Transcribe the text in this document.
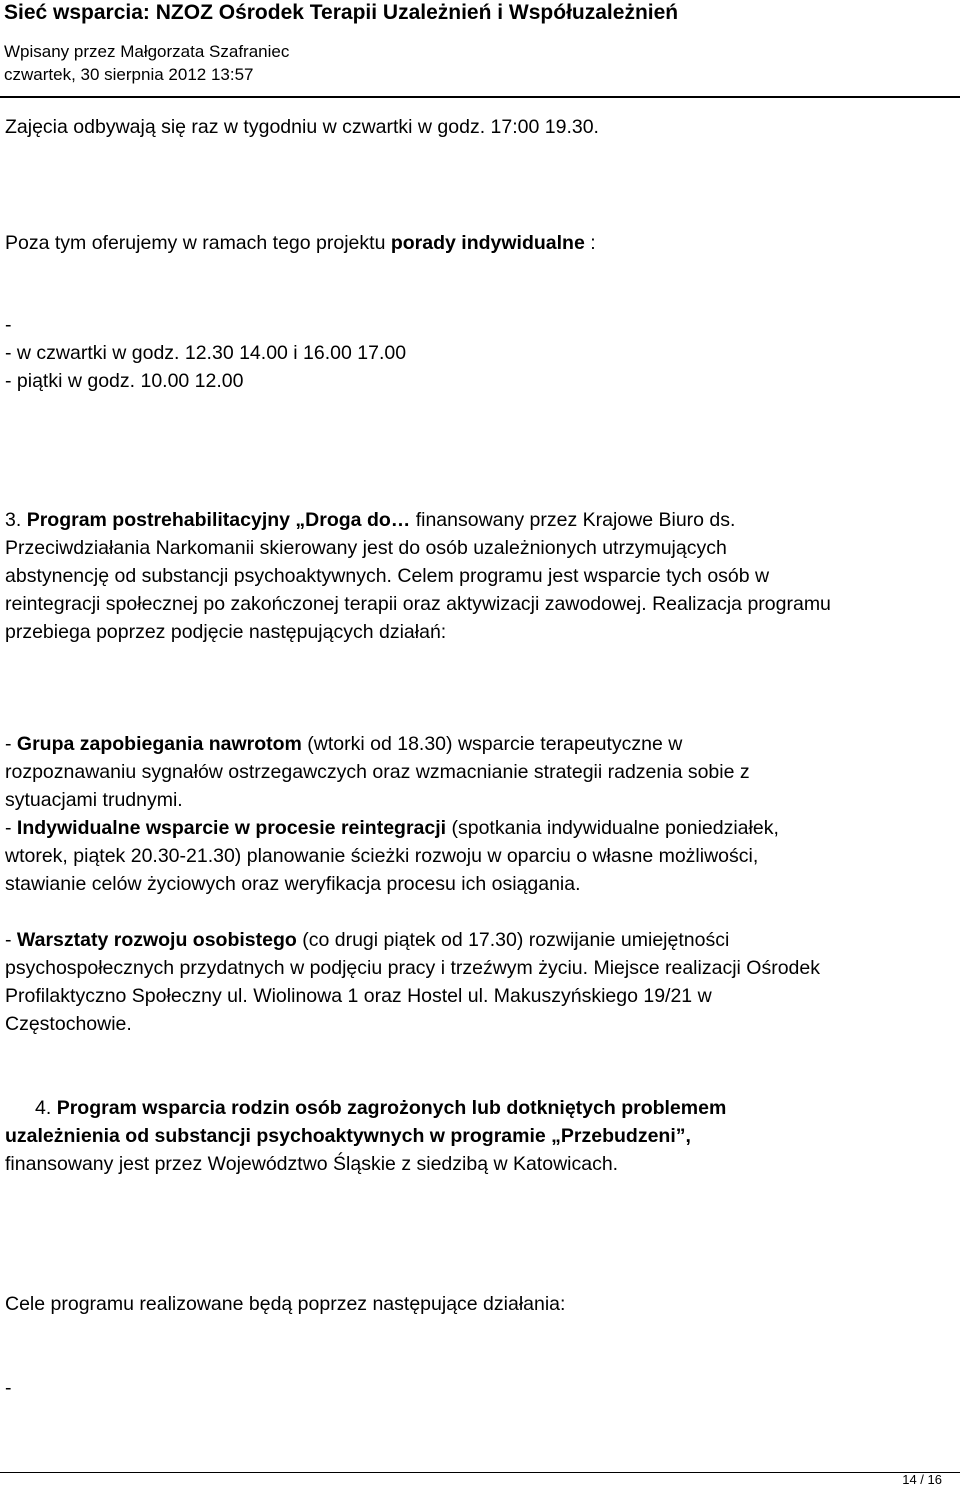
Sieć wsparcia: NZOZ Ośrodek Terapii Uzależnień i Współuzależnień

Wpisany przez Małgorzata Szafraniec

czwartek, 30 sierpnia 2012 13:57

Zajęcia odbywają się raz w tygodniu w czwartki w godz. 17:00 19.30.
Poza tym oferujemy w ramach tego projektu porady indywidualne :
-
- w czwartki w godz. 12.30 14.00 i 16.00 17.00
- piątki w godz. 10.00 12.00
3. Program postrehabilitacyjny „Droga do… finansowany przez Krajowe Biuro ds.
Przeciwdziałania Narkomanii skierowany jest do osób uzależnionych utrzymujących
abstynencję od substancji psychoaktywnych. Celem programu jest wsparcie tych osób w
reintegracji społecznej po zakończonej terapii oraz aktywizacji zawodowej. Realizacja programu
przebiega poprzez podjęcie następujących działań:
- Grupa zapobiegania nawrotom (wtorki od 18.30) wsparcie terapeutyczne w
rozpoznawaniu sygnałów ostrzegawczych oraz wzmacnianie strategii radzenia sobie z
sytuacjami trudnymi.
- Indywidualne wsparcie w procesie reintegracji (spotkania indywidualne poniedziałek,
wtorek, piątek 20.30-21.30) planowanie ścieżki rozwoju w oparciu o własne możliwości,
stawianie celów życiowych oraz weryfikacja procesu ich osiągania.
- Warsztaty rozwoju osobistego (co drugi piątek od 17.30) rozwijanie umiejętności
psychospołecznych przydatnych w podjęciu pracy i trzeźwym życiu. Miejsce realizacji Ośrodek
Profilaktyczno Społeczny ul. Wiolinowa 1 oraz Hostel ul. Makuszyńskiego 19/21 w
Częstochowie.
4. Program wsparcia rodzin osób zagrożonych lub dotkniętych problemem
uzależnienia od substancji psychoaktywnych w programie „Przebudzeni”,
finansowany jest przez Województwo Śląskie z siedzibą w Katowicach.
Cele programu realizowane będą poprzez następujące działania:
-
14 / 16
